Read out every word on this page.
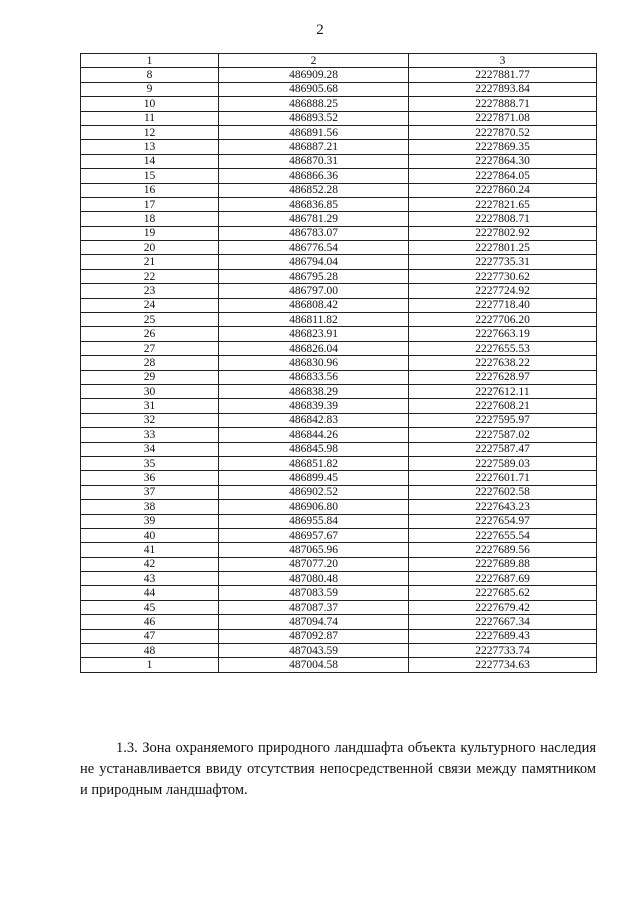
2
1	2	3
8	486909.28	2227881.77
9	486905.68	2227893.84
10	486888.25	2227888.71
11	486893.52	2227871.08
12	486891.56	2227870.52
13	486887.21	2227869.35
14	486870.31	2227864.30
15	486866.36	2227864.05
16	486852.28	2227860.24
17	486836.85	2227821.65
18	486781.29	2227808.71
19	486783.07	2227802.92
20	486776.54	2227801.25
21	486794.04	2227735.31
22	486795.28	2227730.62
23	486797.00	2227724.92
24	486808.42	2227718.40
25	486811.82	2227706.20
26	486823.91	2227663.19
27	486826.04	2227655.53
28	486830.96	2227638.22
29	486833.56	2227628.97
30	486838.29	2227612.11
31	486839.39	2227608.21
32	486842.83	2227595.97
33	486844.26	2227587.02
34	486845.98	2227587.47
35	486851.82	2227589.03
36	486899.45	2227601.71
37	486902.52	2227602.58
38	486906.80	2227643.23
39	486955.84	2227654.97
40	486957.67	2227655.54
41	487065.96	2227689.56
42	487077.20	2227689.88
43	487080.48	2227687.69
44	487083.59	2227685.62
45	487087.37	2227679.42
46	487094.74	2227667.34
47	487092.87	2227689.43
48	487043.59	2227733.74
1	487004.58	2227734.63

1.3. Зона охраняемого природного ландшафта объекта культурного наследия не устанавливается ввиду отсутствия непосредственной связи между памятником и природным ландшафтом.
